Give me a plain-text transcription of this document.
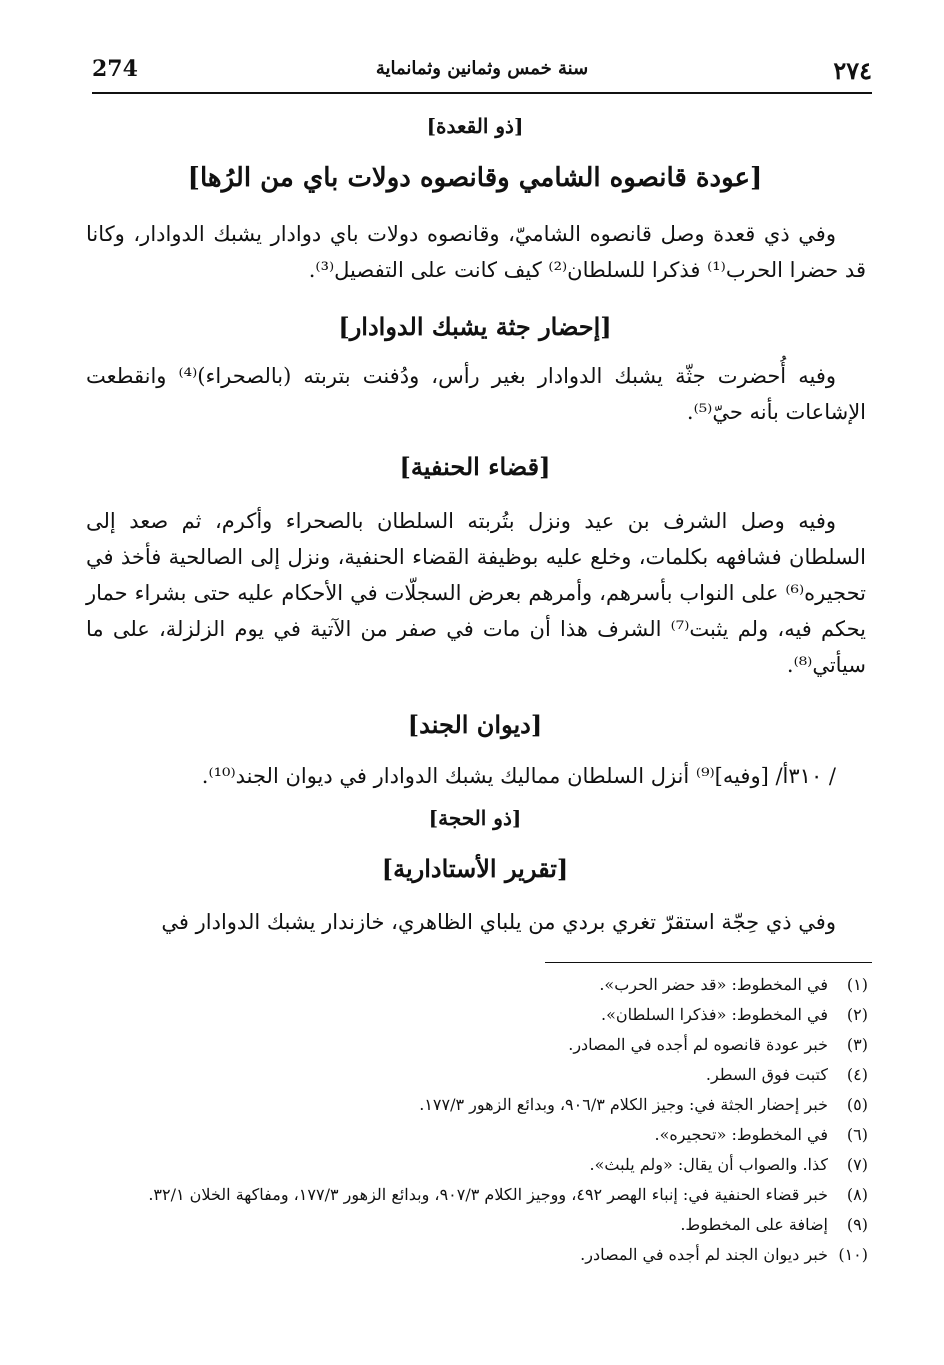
274	سنة خمس وثمانين وثمانماية	٢٧٤
[ذو القعدة]
[عودة قانصوه الشامي وقانصوه دولات باي من الرُها]

وفي ذي قعدة وصل قانصوه الشاميّ، وقانصوه دولات باي دوادار يشبك الدوادار، وكانا قد حضرا الحرب⁽¹⁾ فذكرا للسلطان⁽²⁾ كيف كانت على التفصيل⁽³⁾.

[إحضار جثة يشبك الدوادار]

وفيه أُحضرت جثّة يشبك الدوادار بغير رأس، ودُفنت بتربته (بالصحراء)⁽⁴⁾ وانقطعت الإشاعات بأنه حيّ⁽⁵⁾.

[قضاء الحنفية]

وفيه وصل الشرف بن عيد ونزل بتُربته السلطان بالصحراء وأكرم، ثم صعد إلى السلطان فشافهه بكلمات، وخلع عليه بوظيفة القضاء الحنفية، ونزل إلى الصالحية فأخذ في تحجيره⁽⁶⁾ على النواب بأسرهم، وأمرهم بعرض السجلّات في الأحكام عليه حتى بشراء حمار يحكم فيه، ولم يثبت⁽⁷⁾ الشرف هذا أن مات في صفر من الآتية في يوم الزلزلة، على ما سيأتي⁽⁸⁾.

[ديوان الجند]

/ ٣١٠أ/ [وفيه]⁽⁹⁾ أنزل السلطان مماليك يشبك الدوادار في ديوان الجند⁽¹⁰⁾.

[ذو الحجة]
[تقرير الأستادارية]

وفي ذي حِجّة استقرّ تغري بردي من يلباي الظاهري، خازندار يشبك الدوادار في

(١)
في المخطوط: «قد حضر الحرب».
(٢)
في المخطوط: «فذكرا السلطان».
(٣)
خبر عودة قانصوه لم أجده في المصادر.
(٤)
كتبت فوق السطر.
(٥)
خبر إحضار الجثة في: وجيز الكلام ٩٠٦/٣، وبدائع الزهور ١٧٧/٣.
(٦)
في المخطوط: «تحجيره».
(٧)
كذا. والصواب أن يقال: «ولم يلبث».
(٨)
خبر قضاء الحنفية في: إنباء الهصر ٤٩٢، ووجيز الكلام ٩٠٧/٣، وبدائع الزهور ١٧٧/٣، ومفاكهة الخلان ٣٢/١.
(٩)
إضافة على المخطوط.
(١٠)
خبر ديوان الجند لم أجده في المصادر.
